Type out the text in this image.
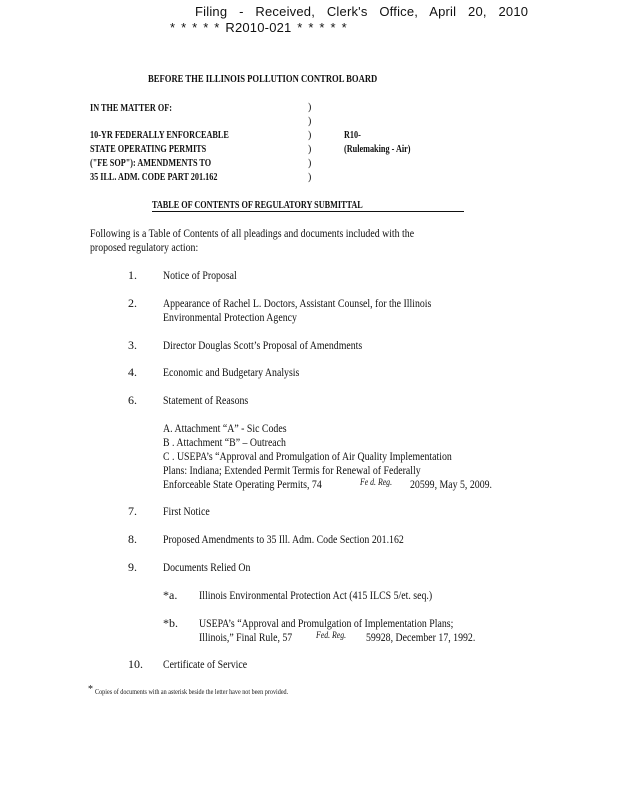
Filing - Received, Clerk's Office, April 20, 2010
* * * * * R2010-021 * * * * *
BEFORE THE ILLINOIS POLLUTION CONTROL BOARD
IN THE MATTER OF:
10-YR FEDERALLY ENFORCEABLE
STATE OPERATING PERMITS
("FE SOP"): AMENDMENTS TO
35 ILL. ADM. CODE PART 201.162
)
)
)
)
)
)
R10-
(Rulemaking - Air)
TABLE OF CONTENTS OF REGULATORY SUBMITTAL
Following is a Table of Contents of all pleadings and documents included with the
proposed regulatory action:
1. Notice of Proposal
2. Appearance of Rachel L. Doctors, Assistant Counsel, for the Illinois
Environmental Protection Agency
3. Director Douglas Scott’s Proposal of Amendments
4. Economic and Budgetary Analysis
6. Statement of Reasons
A. Attachment “A” - Sic Codes
B . Attachment “B” – Outreach
C . USEPA’s “Approval and Promulgation of Air Quality Implementation
Plans: Indiana; Extended Permit Termis for Renewal of Federally
Enforceable State Operating Permits, 74	Fe d. Reg. 20599, May 5, 2009.
7. First Notice
8. Proposed Amendments to 35 Ill. Adm. Code Section 201.162
9. Documents Relied On
*a. Illinois Environmental Protection Act (415 ILCS 5/et. seq.)
*b. USEPA’s “Approval and Promulgation of Implementation Plans;
Illinois,” Final Rule, 57	Fed. Reg. 59928, December 17, 1992.
10. Certificate of Service
* Copies of documents with an asterisk beside the letter have not been provided.
